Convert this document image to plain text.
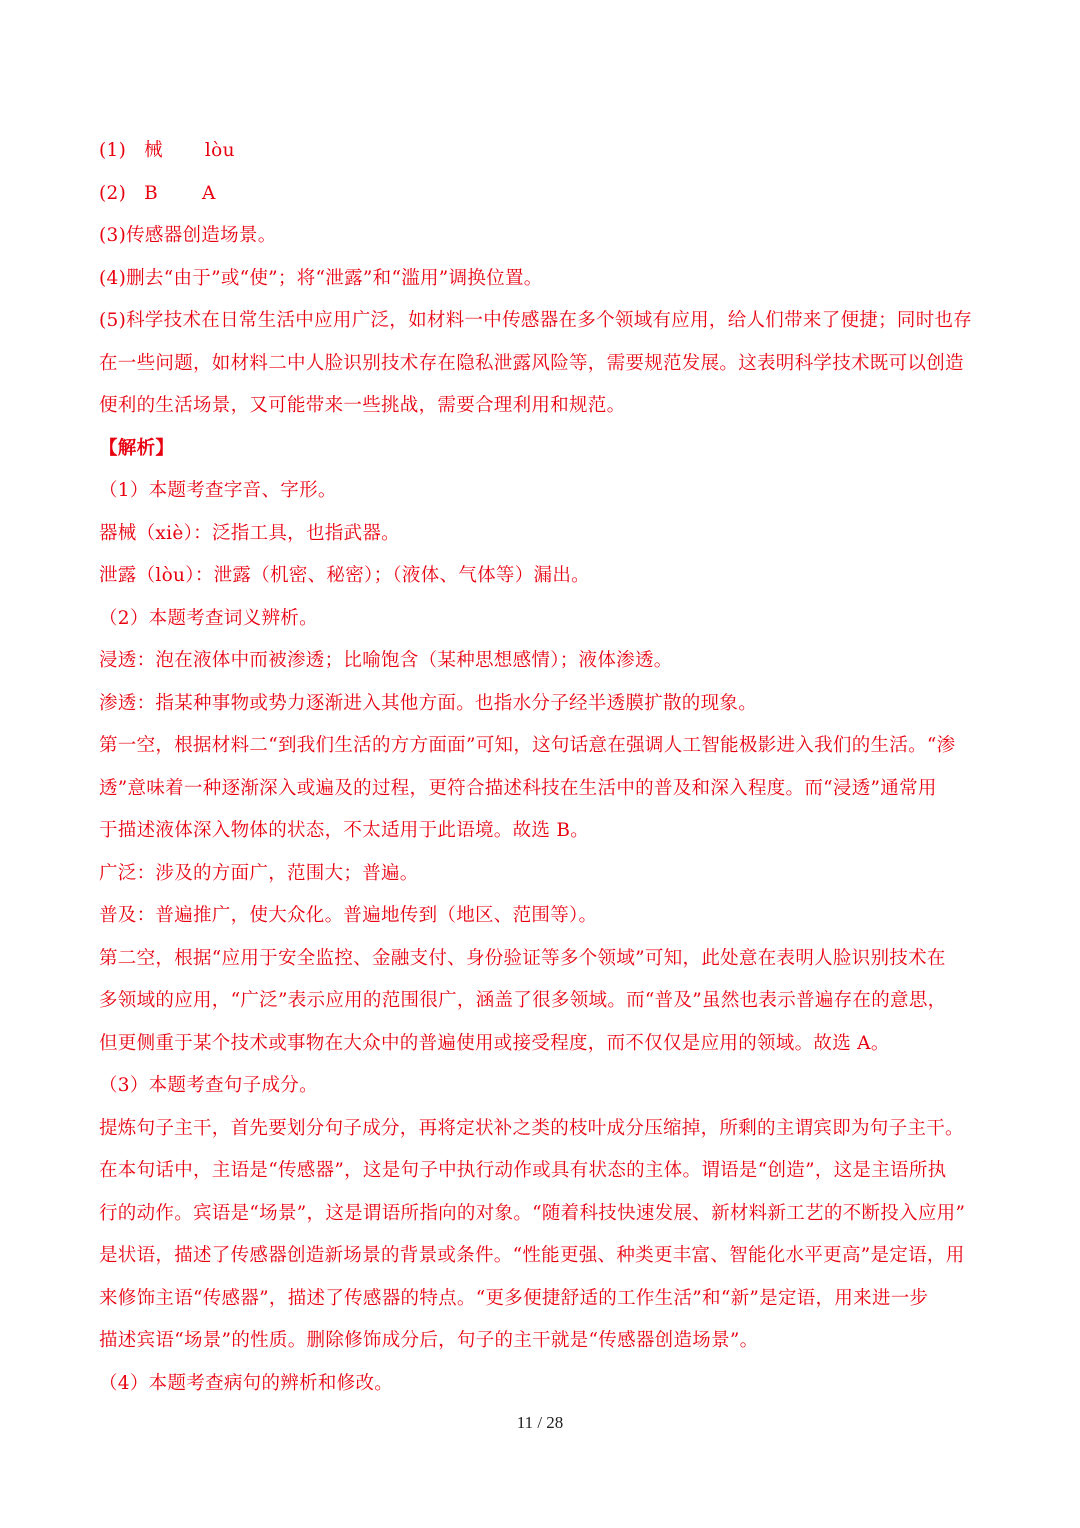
(1) 械 lòu
(2) B A
(3)传感器创造场景。
(4)删去“由于”或“使”；将“泄露”和“滥用”调换位置。
(5)科学技术在日常生活中应用广泛，如材料一中传感器在多个领域有应用，给人们带来了便捷；同时也存
在一些问题，如材料二中人脸识别技术存在隐私泄露风险等，需要规范发展。这表明科学技术既可以创造
便利的生活场景，又可能带来一些挑战，需要合理利用和规范。
【解析】
（1）本题考查字音、字形。
器械（xiè）：泛指工具，也指武器。
泄露（lòu）：泄露（机密、秘密）；（液体、气体等）漏出。
（2）本题考查词义辨析。
浸透：泡在液体中而被渗透；比喻饱含（某种思想感情）；液体渗透。
渗透：指某种事物或势力逐渐进入其他方面。也指水分子经半透膜扩散的现象。
第一空，根据材料二“到我们生活的方方面面”可知，这句话意在强调人工智能极影进入我们的生活。“渗
透”意味着一种逐渐深入或遍及的过程，更符合描述科技在生活中的普及和深入程度。而“浸透”通常用
于描述液体深入物体的状态，不太适用于此语境。故选 B。
广泛：涉及的方面广，范围大；普遍。
普及：普遍推广，使大众化。普遍地传到（地区、范围等）。
第二空，根据“应用于安全监控、金融支付、身份验证等多个领域”可知，此处意在表明人脸识别技术在
多领域的应用，“广泛”表示应用的范围很广，涵盖了很多领域。而“普及”虽然也表示普遍存在的意思，
但更侧重于某个技术或事物在大众中的普遍使用或接受程度，而不仅仅是应用的领域。故选 A。
（3）本题考查句子成分。
提炼句子主干，首先要划分句子成分，再将定状补之类的枝叶成分压缩掉，所剩的主谓宾即为句子主干。
在本句话中，主语是“传感器”，这是句子中执行动作或具有状态的主体。谓语是“创造”，这是主语所执
行的动作。宾语是“场景”，这是谓语所指向的对象。“随着科技快速发展、新材料新工艺的不断投入应用”
是状语，描述了传感器创造新场景的背景或条件。“性能更强、种类更丰富、智能化水平更高”是定语，用
来修饰主语“传感器”，描述了传感器的特点。“更多便捷舒适的工作生活”和“新”是定语，用来进一步
描述宾语“场景”的性质。删除修饰成分后，句子的主干就是“传感器创造场景”。
（4）本题考查病句的辨析和修改。
11 / 28
